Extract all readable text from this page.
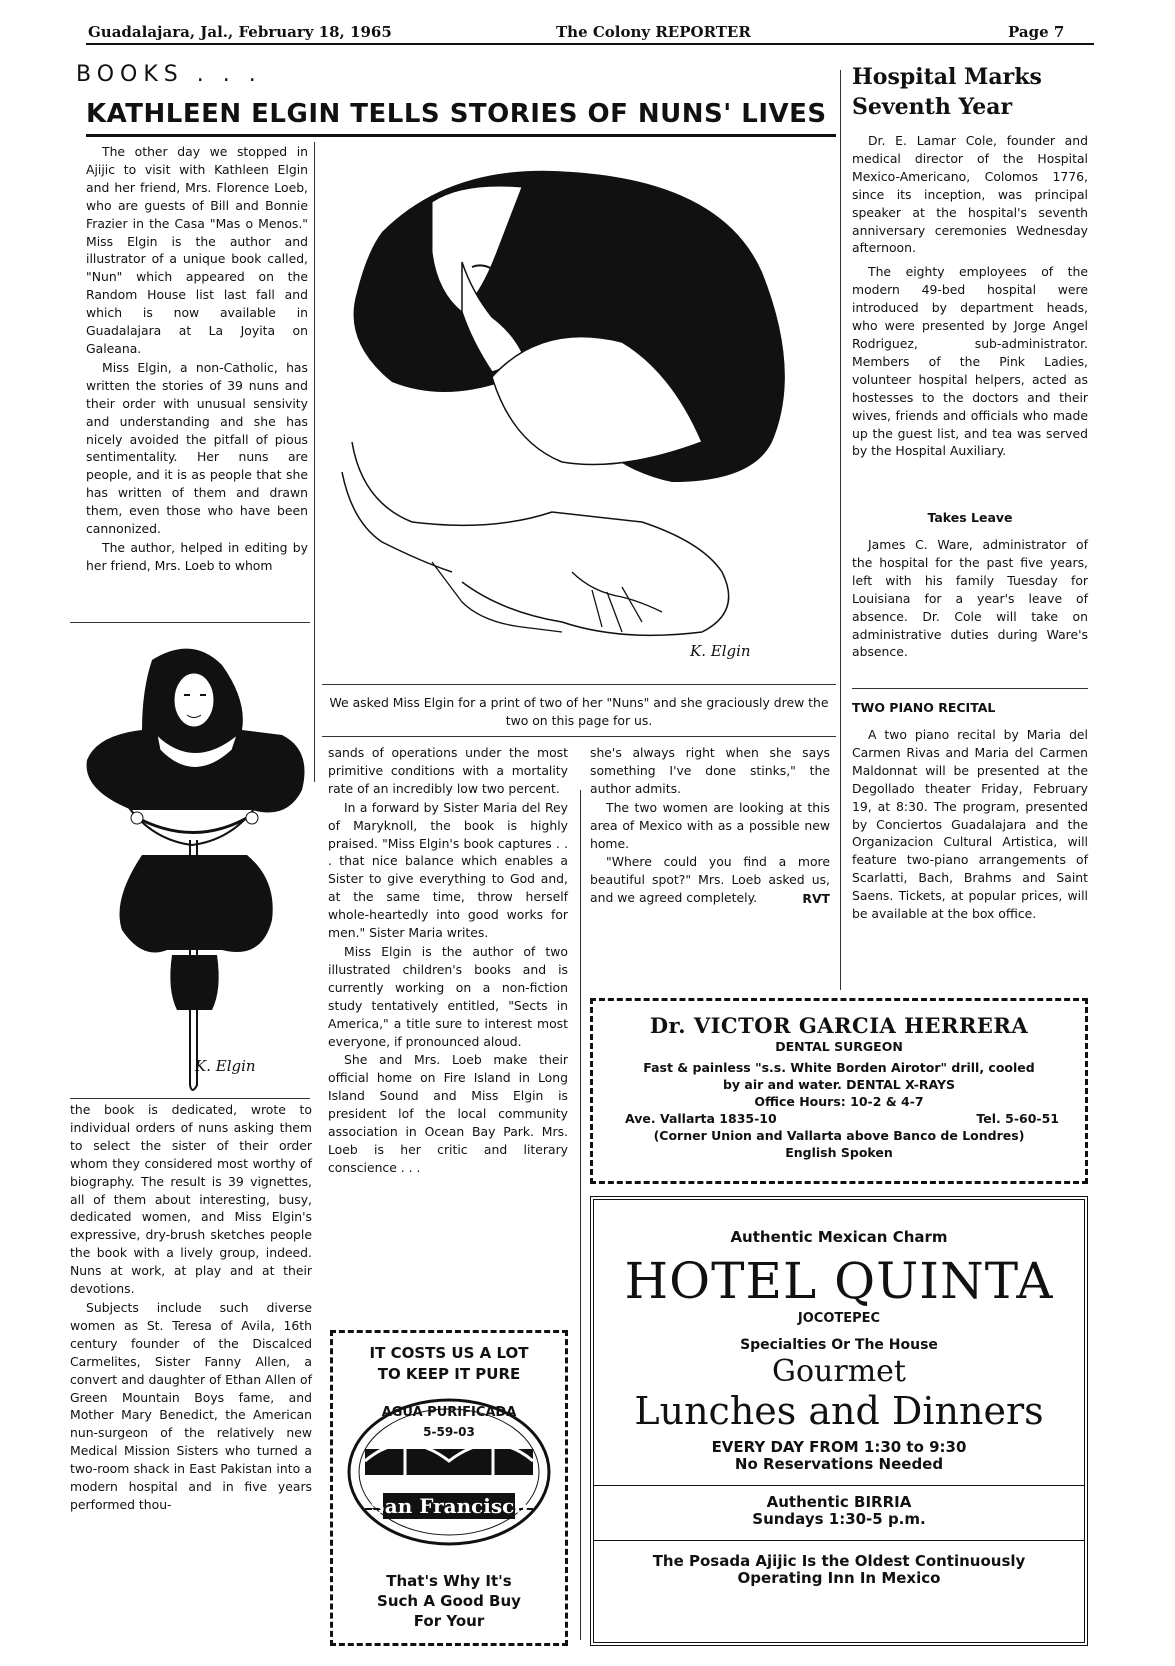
Guadalajara, Jal., February 18, 1965	The Colony REPORTER	Page 7
BOOKS . . .
KATHLEEN ELGIN TELLS STORIES OF NUNS' LIVES

The other day we stopped in Ajijic to visit with Kathleen Elgin and her friend, Mrs. Florence Loeb, who are guests of Bill and Bonnie Frazier in the Casa "Mas o Menos." Miss Elgin is the author and illustrator of a unique book called, "Nun" which appeared on the Random House list last fall and which is now available in Guadalajara at La Joyita on Galeana.

Miss Elgin, a non-Catholic, has written the stories of 39 nuns and their order with unusual sensivity and understanding and she has nicely avoided the pitfall of pious sentimentality. Her nuns are people, and it is as people that she has written of them and drawn them, even those who have been cannonized.

The author, helped in editing by her friend, Mrs. Loeb to whom

K. Elgin

the book is dedicated, wrote to individual orders of nuns asking them to select the sister of their order whom they considered most worthy of biography. The result is 39 vignettes, all of them about interesting, busy, dedicated women, and Miss Elgin's expressive, dry-brush sketches people the book with a lively group, indeed. Nuns at work, at play and at their devotions.

Subjects include such diverse women as St. Teresa of Avila, 16th century founder of the Discalced Carmelites, Sister Fanny Allen, a convert and daughter of Ethan Allen of Green Mountain Boys fame, and Mother Mary Benedict, the American nun-surgeon of the relatively new Medical Mission Sisters who turned a two-room shack in East Pakistan into a modern hospital and in five years performed thou-

K. Elgin
We asked Miss Elgin for a print of two of her "Nuns" and she graciously drew the two on this page for us.

sands of operations under the most primitive conditions with a mortality rate of an incredibly low two percent.

In a forward by Sister Maria del Rey of Maryknoll, the book is highly praised. "Miss Elgin's book captures . . . that nice balance which enables a Sister to give everything to God and, at the same time, throw herself whole-heartedly into good works for men." Sister Maria writes.

Miss Elgin is the author of two illustrated children's books and is currently working on a non-fiction study tentatively entitled, "Sects in America," a title sure to interest most everyone, if pronounced aloud.

She and Mrs. Loeb make their official home on Fire Island in Long Island Sound and Miss Elgin is president lof the local community association in Ocean Bay Park. Mrs. Loeb is her critic and literary conscience . . .

she's always right when she says something I've done stinks," the author admits.

The two women are looking at this area of Mexico with as a possible new home.

"Where could you find a more beautiful spot?" Mrs. Loeb asked us, and we agreed completely.	RVT

Hospital Marks
Seventh Year

Dr. E. Lamar Cole, founder and medical director of the Hospital Mexico-Americano, Colomos 1776, since its inception, was principal speaker at the hospital's seventh anniversary ceremonies Wednesday afternoon.

The eighty employees of the modern 49-bed hospital were introduced by department heads, who were presented by Jorge Angel Rodriguez, sub-administrator. Members of the Pink Ladies, volunteer hospital helpers, acted as hostesses to the doctors and their wives, friends and officials who made up the guest list, and tea was served by the Hospital Auxiliary.

Takes Leave

James C. Ware, administrator of the hospital for the past five years, left with his family Tuesday for Louisiana for a year's leave of absence. Dr. Cole will take on administrative duties during Ware's absence.

TWO PIANO RECITAL

A two piano recital by Maria del Carmen Rivas and Maria del Carmen Maldonnat will be presented at the Degollado theater Friday, February 19, at 8:30. The program, presented by Conciertos Guadalajara and the Organizacion Cultural Artistica, will feature two-piano arrangements of Scarlatti, Bach, Brahms and Saint Saens. Tickets, at popular prices, will be available at the box office.

Dr. VICTOR GARCIA HERRERA
DENTAL SURGEON
Fast & painless "s.s. White Borden Airotor" drill, cooled
by air and water. DENTAL X-RAYS
Office Hours: 10-2 & 4-7
Ave. Vallarta 1835-10	Tel. 5-60-51
(Corner Union and Vallarta above Banco de Londres)
English Spoken
Authentic Mexican Charm
HOTEL QUINTA
JOCOTEPEC
Specialties Or The House
Gourmet
Lunches and Dinners
EVERY DAY FROM 1:30 to 9:30
No Reservations Needed
Authentic BIRRIA
Sundays 1:30-5 p.m.
The Posada Ajijic Is the Oldest Continuously
Operating Inn In Mexico
IT COSTS US A LOT
TO KEEP IT PURE
AGUA PURIFICADA
5-59-03
San Francisco
That's Why It's
Such A Good Buy
For Your
